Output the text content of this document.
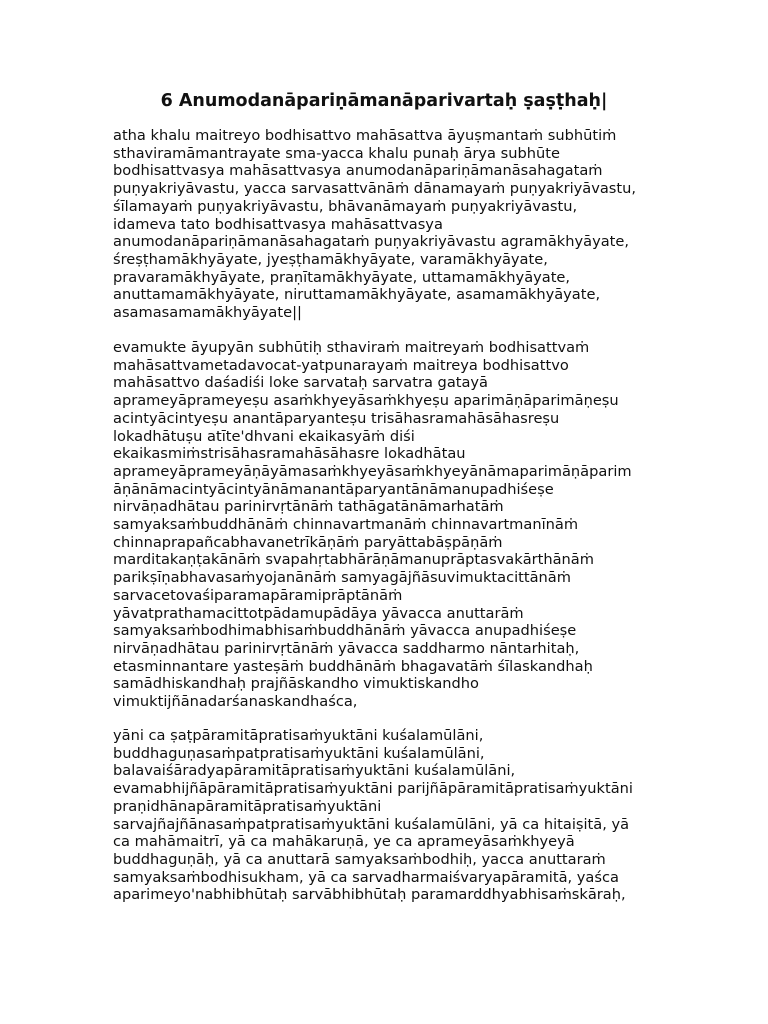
6 Anumodanāpariṇāmanāparivartaḥ ṣaṣṭhaḥ|
atha khalu maitreyo bodhisattvo mahāsattva āyuṣmantaṁ subhūtiṁ
sthaviramāmantrayate sma-yacca khalu punaḥ ārya subhūte
bodhisattvasya mahāsattvasya anumodanāpariṇāmanāsahagataṁ
puṇyakriyāvastu, yacca sarvasattvānāṁ dānamayaṁ puṇyakriyāvastu,
śīlamayaṁ puṇyakriyāvastu, bhāvanāmayaṁ puṇyakriyāvastu,
idameva tato bodhisattvasya mahāsattvasya
anumodanāpariṇāmanāsahagataṁ puṇyakriyāvastu agramākhyāyate,
śreṣṭhamākhyāyate, jyeṣṭhamākhyāyate, varamākhyāyate,
pravaramākhyāyate, praṇītamākhyāyate, uttamamākhyāyate,
anuttamamākhyāyate, niruttamamākhyāyate, asamamākhyāyate,
asamasamamākhyāyate||
evamukte āyupyān subhūtiḥ sthaviraṁ maitreyaṁ bodhisattvaṁ
mahāsattvametadavocat-yatpunarayaṁ maitreya bodhisattvo
mahāsattvo daśadiśi loke sarvataḥ sarvatra gatayā
aprameyāprameyeṣu asaṁkhyeyāsaṁkhyeṣu aparimāṇāparimāṇeṣu
acintyācintyeṣu anantāparyanteṣu trisāhasramahāsāhasreṣu
lokadhātuṣu atīte'dhvani ekaikasyāṁ diśi
ekaikasmiṁstrisāhasramahāsāhasre lokadhātau
aprameyāprameyāṇāyāmasaṁkhyeyāsaṁkhyeyānāmaparimāṇāparim
āṇānāmacintyācintyānāmanantāparyantānāmanupadhiśeṣe
nirvāṇadhātau parinirvṛtānāṁ tathāgatānāmarhatāṁ
samyaksaṁbuddhānāṁ chinnavartmanāṁ chinnavartmanīnāṁ
chinnaprapañcabhavanetrīkāṇāṁ paryāttabāṣpāṇāṁ
marditakaṇṭakānāṁ svapahṛtabhārāṇāmanuprāptasvakārthānāṁ
parikṣīṇabhavasaṁyojanānāṁ samyagājñāsuvimuktacittānāṁ
sarvacetovaśiparamapāramiprāptānāṁ
yāvatprathamacittotpādamupādāya yāvacca anuttarāṁ
samyaksaṁbodhimabhisaṁbuddhānāṁ yāvacca anupadhiśeṣe
nirvāṇadhātau parinirvṛtānāṁ yāvacca saddharmo nāntarhitaḥ,
etasminnantare yasteṣāṁ buddhānāṁ bhagavatāṁ śīlaskandhaḥ
samādhiskandhaḥ prajñāskandho vimuktiskandho
vimuktijñānadarśanaskandhaśca,
yāni ca ṣaṭpāramitāpratisaṁyuktāni kuśalamūlāni,
buddhaguṇasaṁpatpratisaṁyuktāni kuśalamūlāni,
balavaiśāradyapāramitāpratisaṁyuktāni kuśalamūlāni,
evamabhijñāpāramitāpratisaṁyuktāni parijñāpāramitāpratisaṁyuktāni
praṇidhānapāramitāpratisaṁyuktāni
sarvajñajñānasaṁpatpratisaṁyuktāni kuśalamūlāni, yā ca hitaiṣitā, yā
ca mahāmaitrī, yā ca mahākaruṇā, ye ca aprameyāsaṁkhyeyā
buddhaguṇāḥ, yā ca anuttarā samyaksaṁbodhiḥ, yacca anuttaraṁ
samyaksaṁbodhisukham, yā ca sarvadharmaiśvaryapāramitā, yaśca
aparimeyo'nabhibhūtaḥ sarvābhibhūtaḥ paramarddhyabhisaṁskāraḥ,
